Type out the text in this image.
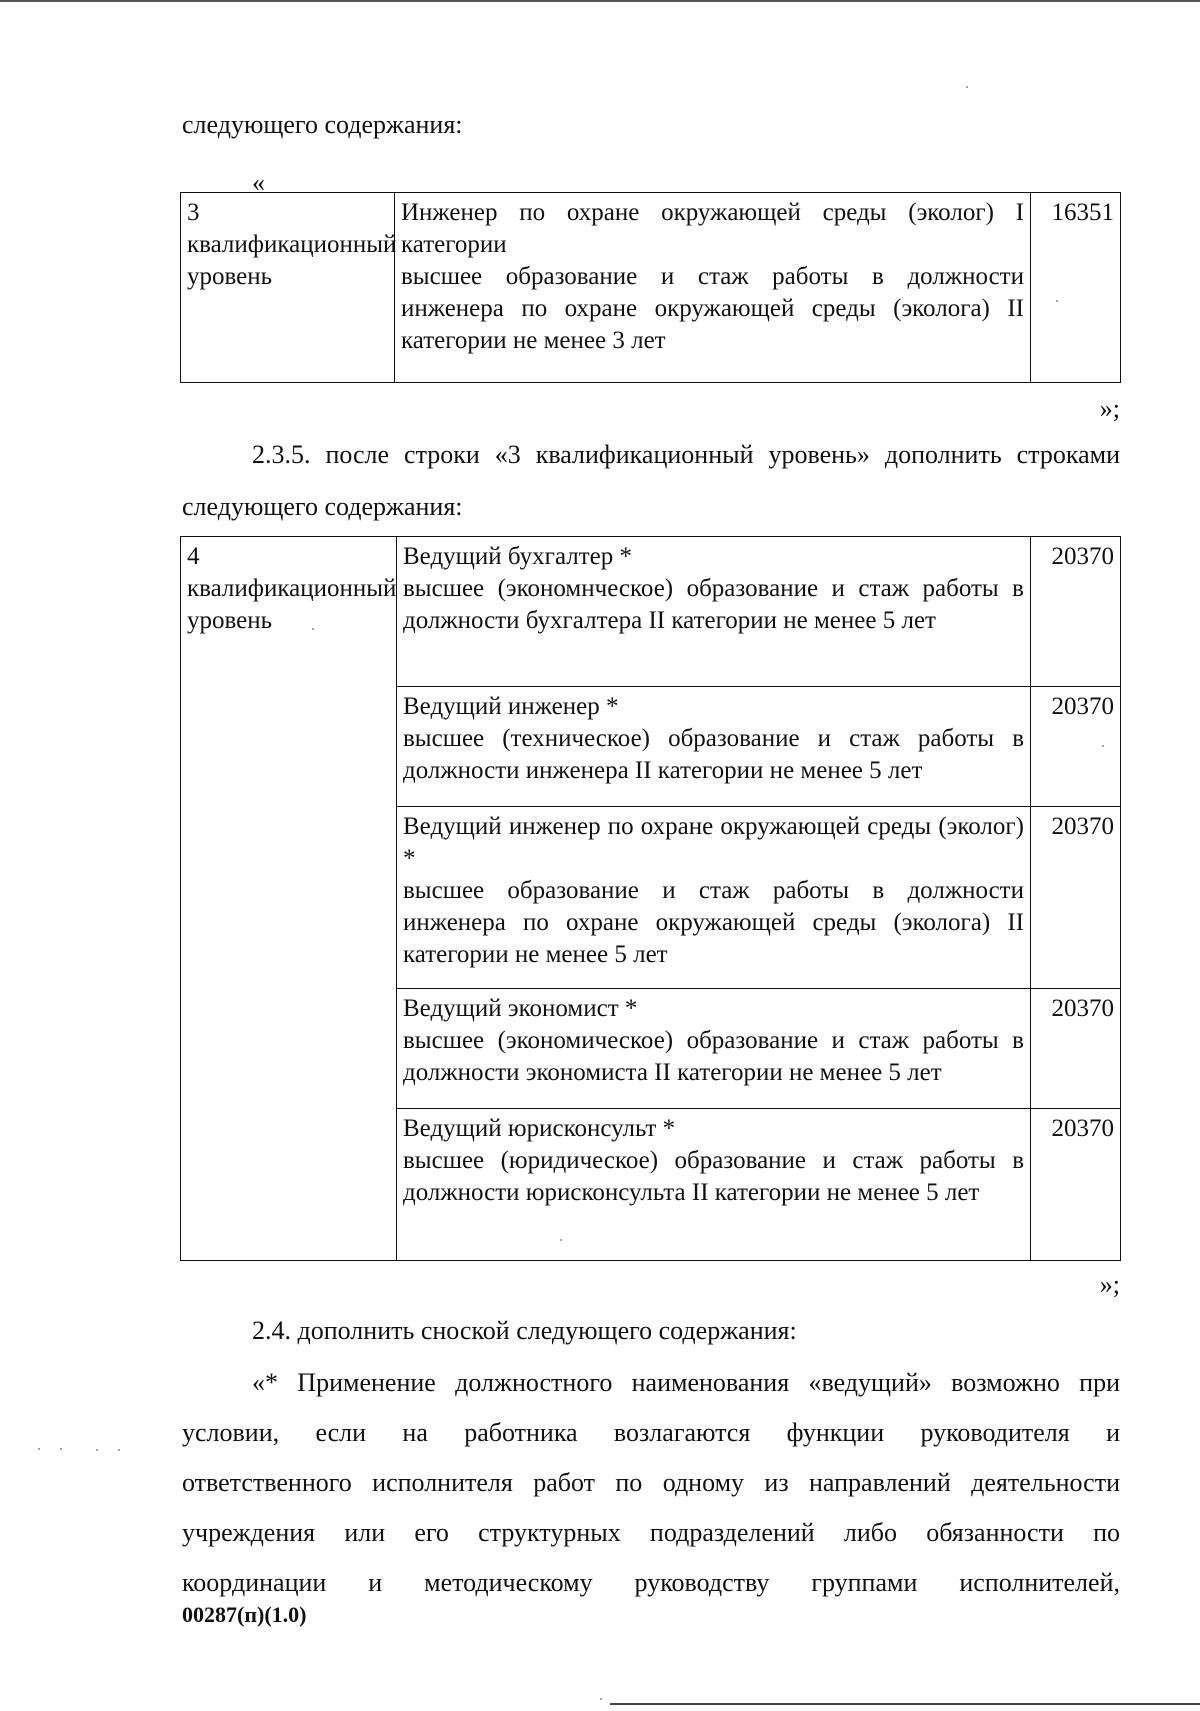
следующего содержания:
«
3 квалификационный уровень	
Инженер по охране окружающей среды (эколог) I категории
высшее образование и стаж работы в должности инженера по охране окружающей среды (эколога) II категории не менее 3 лет
	16351
»;
2.3.5. после строки «3 квалификационный уровень» дополнить строками
следующего содержания:
4 квалификационный уровень	Ведущий бухгалтер *
высшее (экономнческое) образование и стаж работы в должности бухгалтера II категории не менее 5 лет	20370

	Ведущий инженер *
высшее (техническое) образование и стаж работы в должности инженера II категории не менее 5 лет	20370

	Ведущий инженер по охране окружающей среды (эколог) *
высшее образование и стаж работы в должности инженера по охране окружающей среды (эколога) II категории не менее 5 лет	20370

	Ведущий экономист *
высшее (экономическое) образование и стаж работы в должности экономиста II категории не менее 5 лет	20370

	Ведущий юрисконсульт *
высшее (юридическое) образование и стаж работы в должности юрисконсульта II категории не менее 5 лет	20370
»;
2.4. дополнить сноской следующего содержания:
«* Применение должностного наименования «ведущий» возможно при
условии, если на работника возлагаются функции руководителя и
ответственного исполнителя работ по одному из направлений деятельности
учреждения или его структурных подразделений либо обязанности по
координации и методическому руководству группами исполнителей,
00287(п)(1.0)
